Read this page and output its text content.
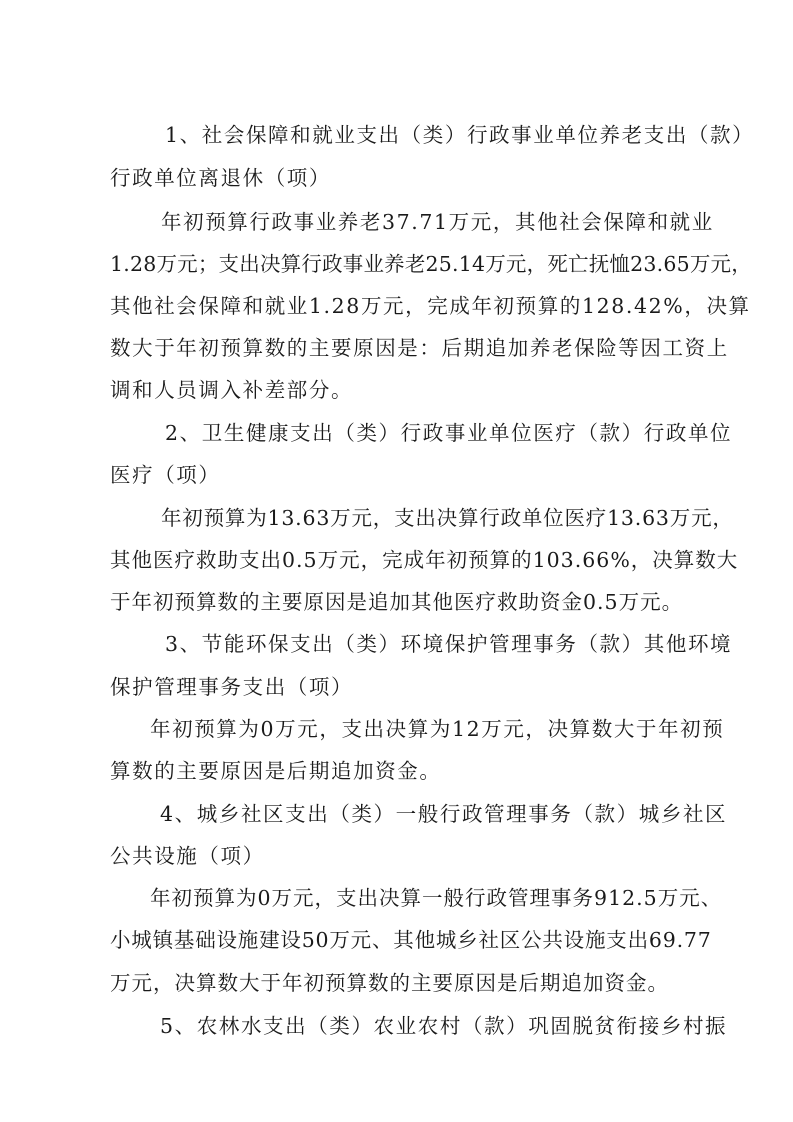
1、社会保障和就业支出（类）行政事业单位养老支出（款）
行政单位离退休（项）
年初预算行政事业养老37.71万元，其他社会保障和就业
1.28万元；支出决算行政事业养老25.14万元，死亡抚恤23.65万元，
其他社会保障和就业1.28万元，完成年初预算的128.42%，决算
数大于年初预算数的主要原因是：后期追加养老保险等因工资上
调和人员调入补差部分。
2、卫生健康支出（类）行政事业单位医疗（款）行政单位
医疗（项）
年初预算为13.63万元，支出决算行政单位医疗13.63万元，
其他医疗救助支出0.5万元，完成年初预算的103.66%，决算数大
于年初预算数的主要原因是追加其他医疗救助资金0.5万元。
3、节能环保支出（类）环境保护管理事务（款）其他环境
保护管理事务支出（项）
年初预算为0万元，支出决算为12万元，决算数大于年初预
算数的主要原因是后期追加资金。
4、城乡社区支出（类）一般行政管理事务（款）城乡社区
公共设施（项）
年初预算为0万元，支出决算一般行政管理事务912.5万元、
小城镇基础设施建设50万元、其他城乡社区公共设施支出69.77
万元，决算数大于年初预算数的主要原因是后期追加资金。
5、农林水支出（类）农业农村（款）巩固脱贫衔接乡村振
